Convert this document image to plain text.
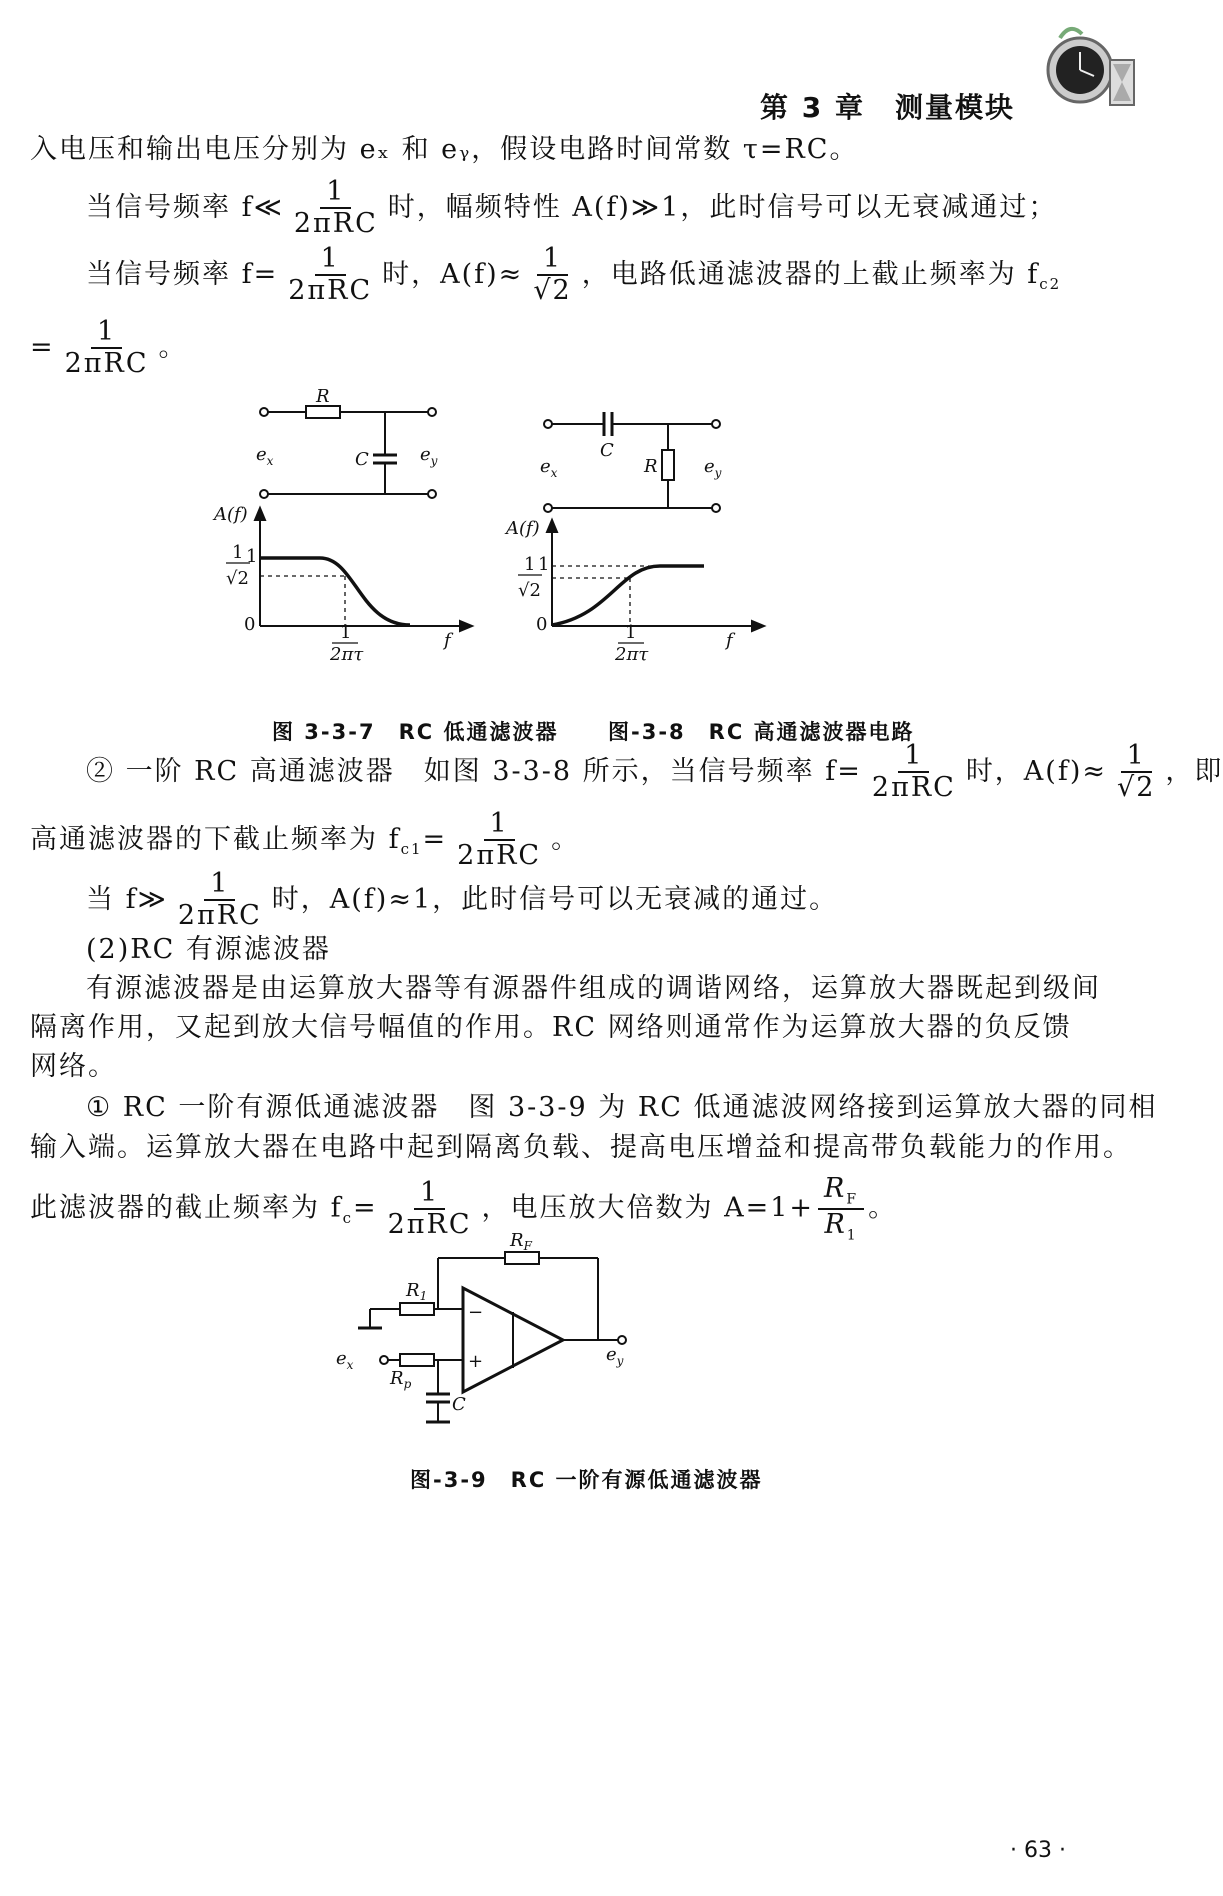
第 3 章　测量模块
入电压和输出电压分别为 eₓ 和 eᵧ，假设电路时间常数 τ=RC。
当信号频率 f≪ $\frac{1}{\text{2πRC}}$ 时，幅频特性 A(f)≫1，此时信号可以无衰减通过；
当信号频率 $f= \frac{1}{\text{2πRC}}$ 时，$A(f)\approx \frac{1}{√2}$ ，电路低通滤波器的上截止频率为 $f_{c2}$
= $\frac{1}{\text{2πRC}}$ 。
R
C
$e_x$	$e_y$
A(f)
1
1
√2
0	1
2πτ
f
C
R
$e_x$	$e_y$
A(f)
1
1
√2
0	1
2πτ
f
图 3-3-7　RC 低通滤波器 图-3-8　RC 高通滤波器电路
② 一阶 RC 高通滤波器　如图 3-3-8 所示，当信号频率 $f= \frac{1}{\text{2πRC}}$ 时，$A(f)\approx \frac{1}{√2}$ ，即
高通滤波器的下截止频率为 $f_{c1}= \frac{1}{\text{2πRC}}$ 。
当 f≫ $\frac{1}{\text{2πRC}}$ 时，A(f)≈1，此时信号可以无衰减的通过。
(2)RC 有源滤波器
有源滤波器是由运算放大器等有源器件组成的调谐网络，运算放大器既起到级间
隔离作用，又起到放大信号幅值的作用。RC 网络则通常作为运算放大器的负反馈
网络。
① RC 一阶有源低通滤波器　图 3-3-9 为 RC 低通滤波网络接到运算放大器的同相
输入端。运算放大器在电路中起到隔离负载、提高电压增益和提高带负载能力的作用。
此滤波器的截止频率为 $f_c= \frac{1}{\text{2πRC}}$ ，电压放大倍数为 $A=1+ \frac{R_F}{R_1}$ 。
$R_F$
$R_1$
−
+
$e_x$	$e_y$
$R_p$
C
图-3-9　RC 一阶有源低通滤波器
· 63 ·
